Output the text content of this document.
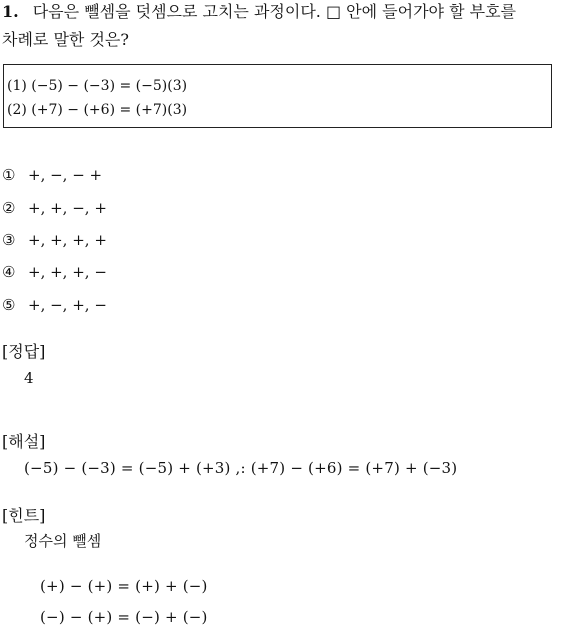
1. 다음은 뺄셈을 덧셈으로 고치는 과정이다. □ 안에 들어가야 할 부호를
차례로 말한 것은?
(1) (−5) − (−3) = (−5)(3)
(2) (+7) − (+6) = (+7)(3)
① +, −, − +
② +, +, −, +
③ +, +, +, +
④ +, +, +, −
⑤ +, −, +, −
[정답]
4
[해설]
(−5) − (−3) = (−5) + (+3) ,: (+7) − (+6) = (+7) + (−3)
[힌트]
정수의 뺄셈
(+) − (+) = (+) + (−)
(−) − (+) = (−) + (−)
